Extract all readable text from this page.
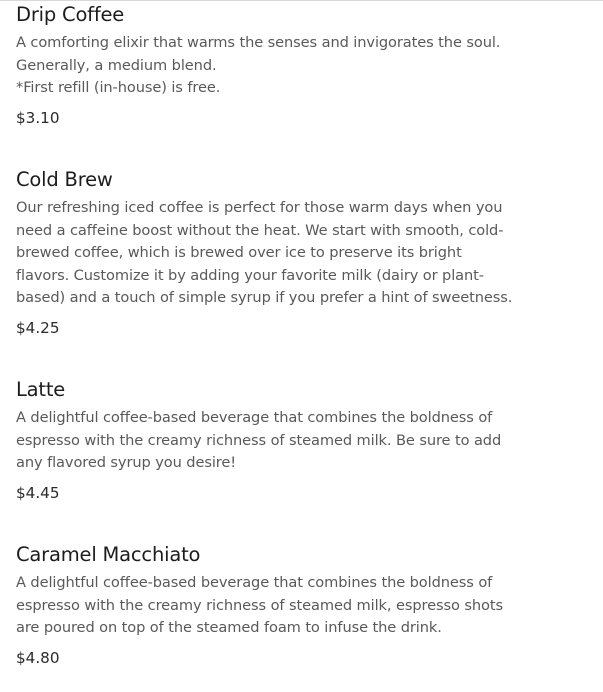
Drip Coffee
A comforting elixir that warms the senses and invigorates the soul.
Generally, a medium blend.
*First refill (in-house) is free.
$3.10
Cold Brew
Our refreshing iced coffee is perfect for those warm days when you
need a caffeine boost without the heat. We start with smooth, cold-
brewed coffee, which is brewed over ice to preserve its bright
flavors. Customize it by adding your favorite milk (dairy or plant-
based) and a touch of simple syrup if you prefer a hint of sweetness.
$4.25
Latte
A delightful coffee-based beverage that combines the boldness of
espresso with the creamy richness of steamed milk. Be sure to add
any flavored syrup you desire!
$4.45
Caramel Macchiato
A delightful coffee-based beverage that combines the boldness of
espresso with the creamy richness of steamed milk, espresso shots
are poured on top of the steamed foam to infuse the drink.
$4.80
